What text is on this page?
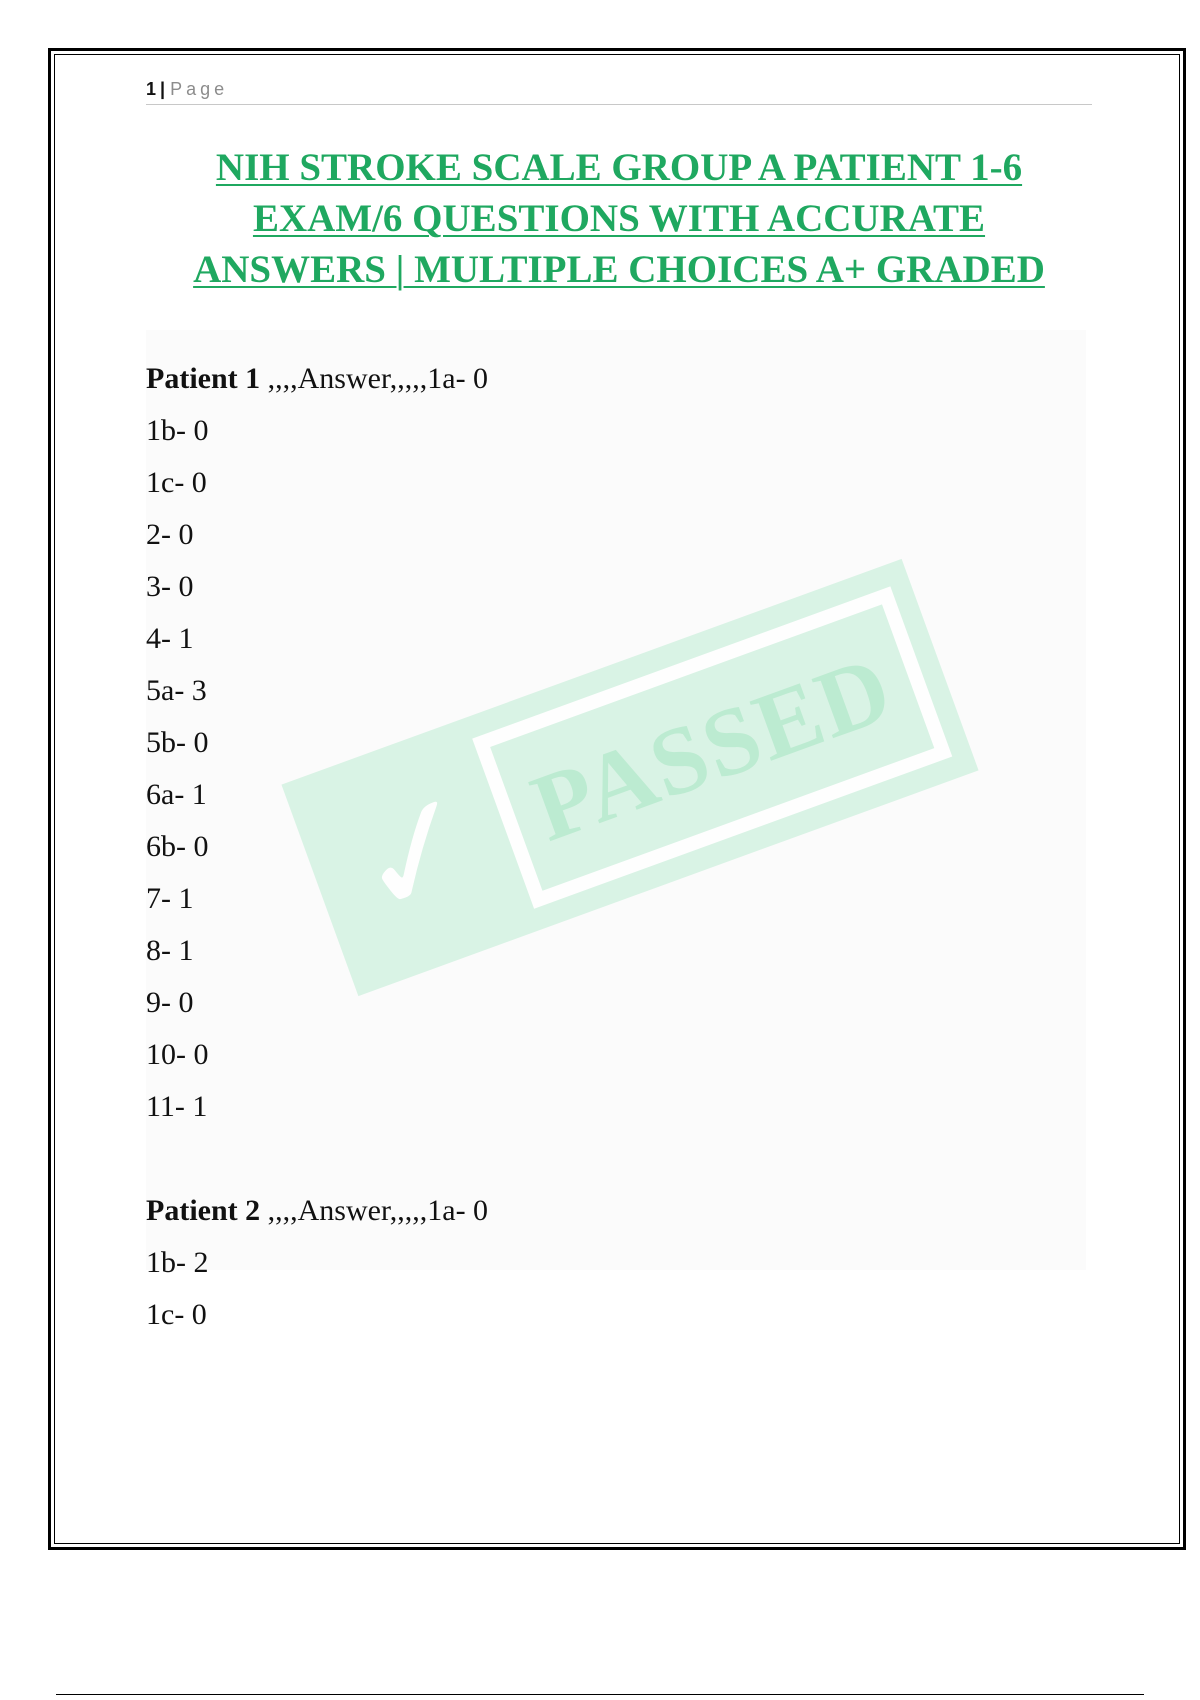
1 | Page
NIH STROKE SCALE GROUP A PATIENT 1-6
EXAM/6 QUESTIONS WITH ACCURATE
ANSWERS | MULTIPLE CHOICES A+ GRADED
✓ PASSED
Patient 1 ,,,,Answer,,,,,1a- 0
1b- 0
1c- 0
2- 0
3- 0
4- 1
5a- 3
5b- 0
6a- 1
6b- 0
7- 1
8- 1
9- 0
10- 0
11- 1
Patient 2 ,,,,Answer,,,,,1a- 0
1b- 2
1c- 0
